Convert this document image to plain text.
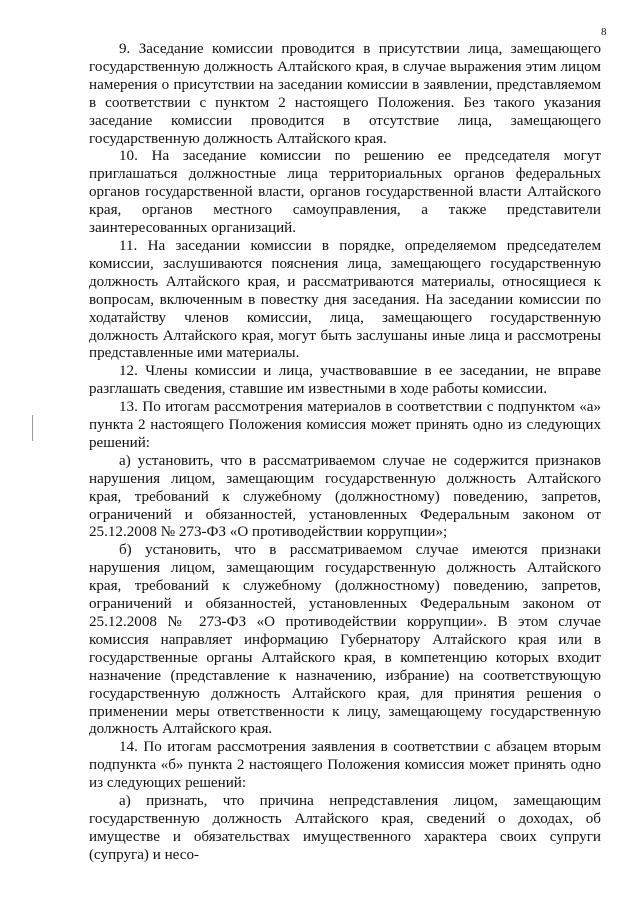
8

9. Заседание комиссии проводится в присутствии лица, замещающего государственную должность Алтайского края, в случае выражения этим лицом намерения о присутствии на заседании комиссии в заявлении, представляемом в соответствии с пунктом 2 настоящего Положения. Без такого указания заседание комиссии проводится в отсутствие лица, замещающего государственную должность Алтайского края.

10. На заседание комиссии по решению ее председателя могут приглашаться должностные лица территориальных органов федеральных органов государственной власти, органов государственной власти Алтайского края, органов местного самоуправления, а также представители заинтересованных организаций.

11. На заседании комиссии в порядке, определяемом председателем комиссии, заслушиваются пояснения лица, замещающего государственную должность Алтайского края, и рассматриваются материалы, относящиеся к вопросам, включенным в повестку дня заседания. На заседании комиссии по ходатайству членов комиссии, лица, замещающего государственную должность Алтайского края, могут быть заслушаны иные лица и рассмотрены представленные ими материалы.

12. Члены комиссии и лица, участвовавшие в ее заседании, не вправе разглашать сведения, ставшие им известными в ходе работы комиссии.

13. По итогам рассмотрения материалов в соответствии с подпунктом «а» пункта 2 настоящего Положения комиссия может принять одно из следующих решений:

а) установить, что в рассматриваемом случае не содержится признаков нарушения лицом, замещающим государственную должность Алтайского края, требований к служебному (должностному) поведению, запретов, ограничений и обязанностей, установленных Федеральным законом от 25.12.2008 № 273-ФЗ «О противодействии коррупции»;

б) установить, что в рассматриваемом случае имеются признаки нарушения лицом, замещающим государственную должность Алтайского края, требований к служебному (должностному) поведению, запретов, ограничений и обязанностей, установленных Федеральным законом от 25.12.2008 № 273-ФЗ «О противодействии коррупции». В этом случае комиссия направляет информацию Губернатору Алтайского края или в государственные органы Алтайского края, в компетенцию которых входит назначение (представление к назначению, избрание) на соответствующую государственную должность Алтайского края, для принятия решения о применении меры ответственности к лицу, замещающему государственную должность Алтайского края.

14. По итогам рассмотрения заявления в соответствии с абзацем вторым подпункта «б» пункта 2 настоящего Положения комиссия может принять одно из следующих решений:

а) признать, что причина непредставления лицом, замещающим государственную должность Алтайского края, сведений о доходах, об имуществе и обязательствах имущественного характера своих супруги (супруга) и несо-
